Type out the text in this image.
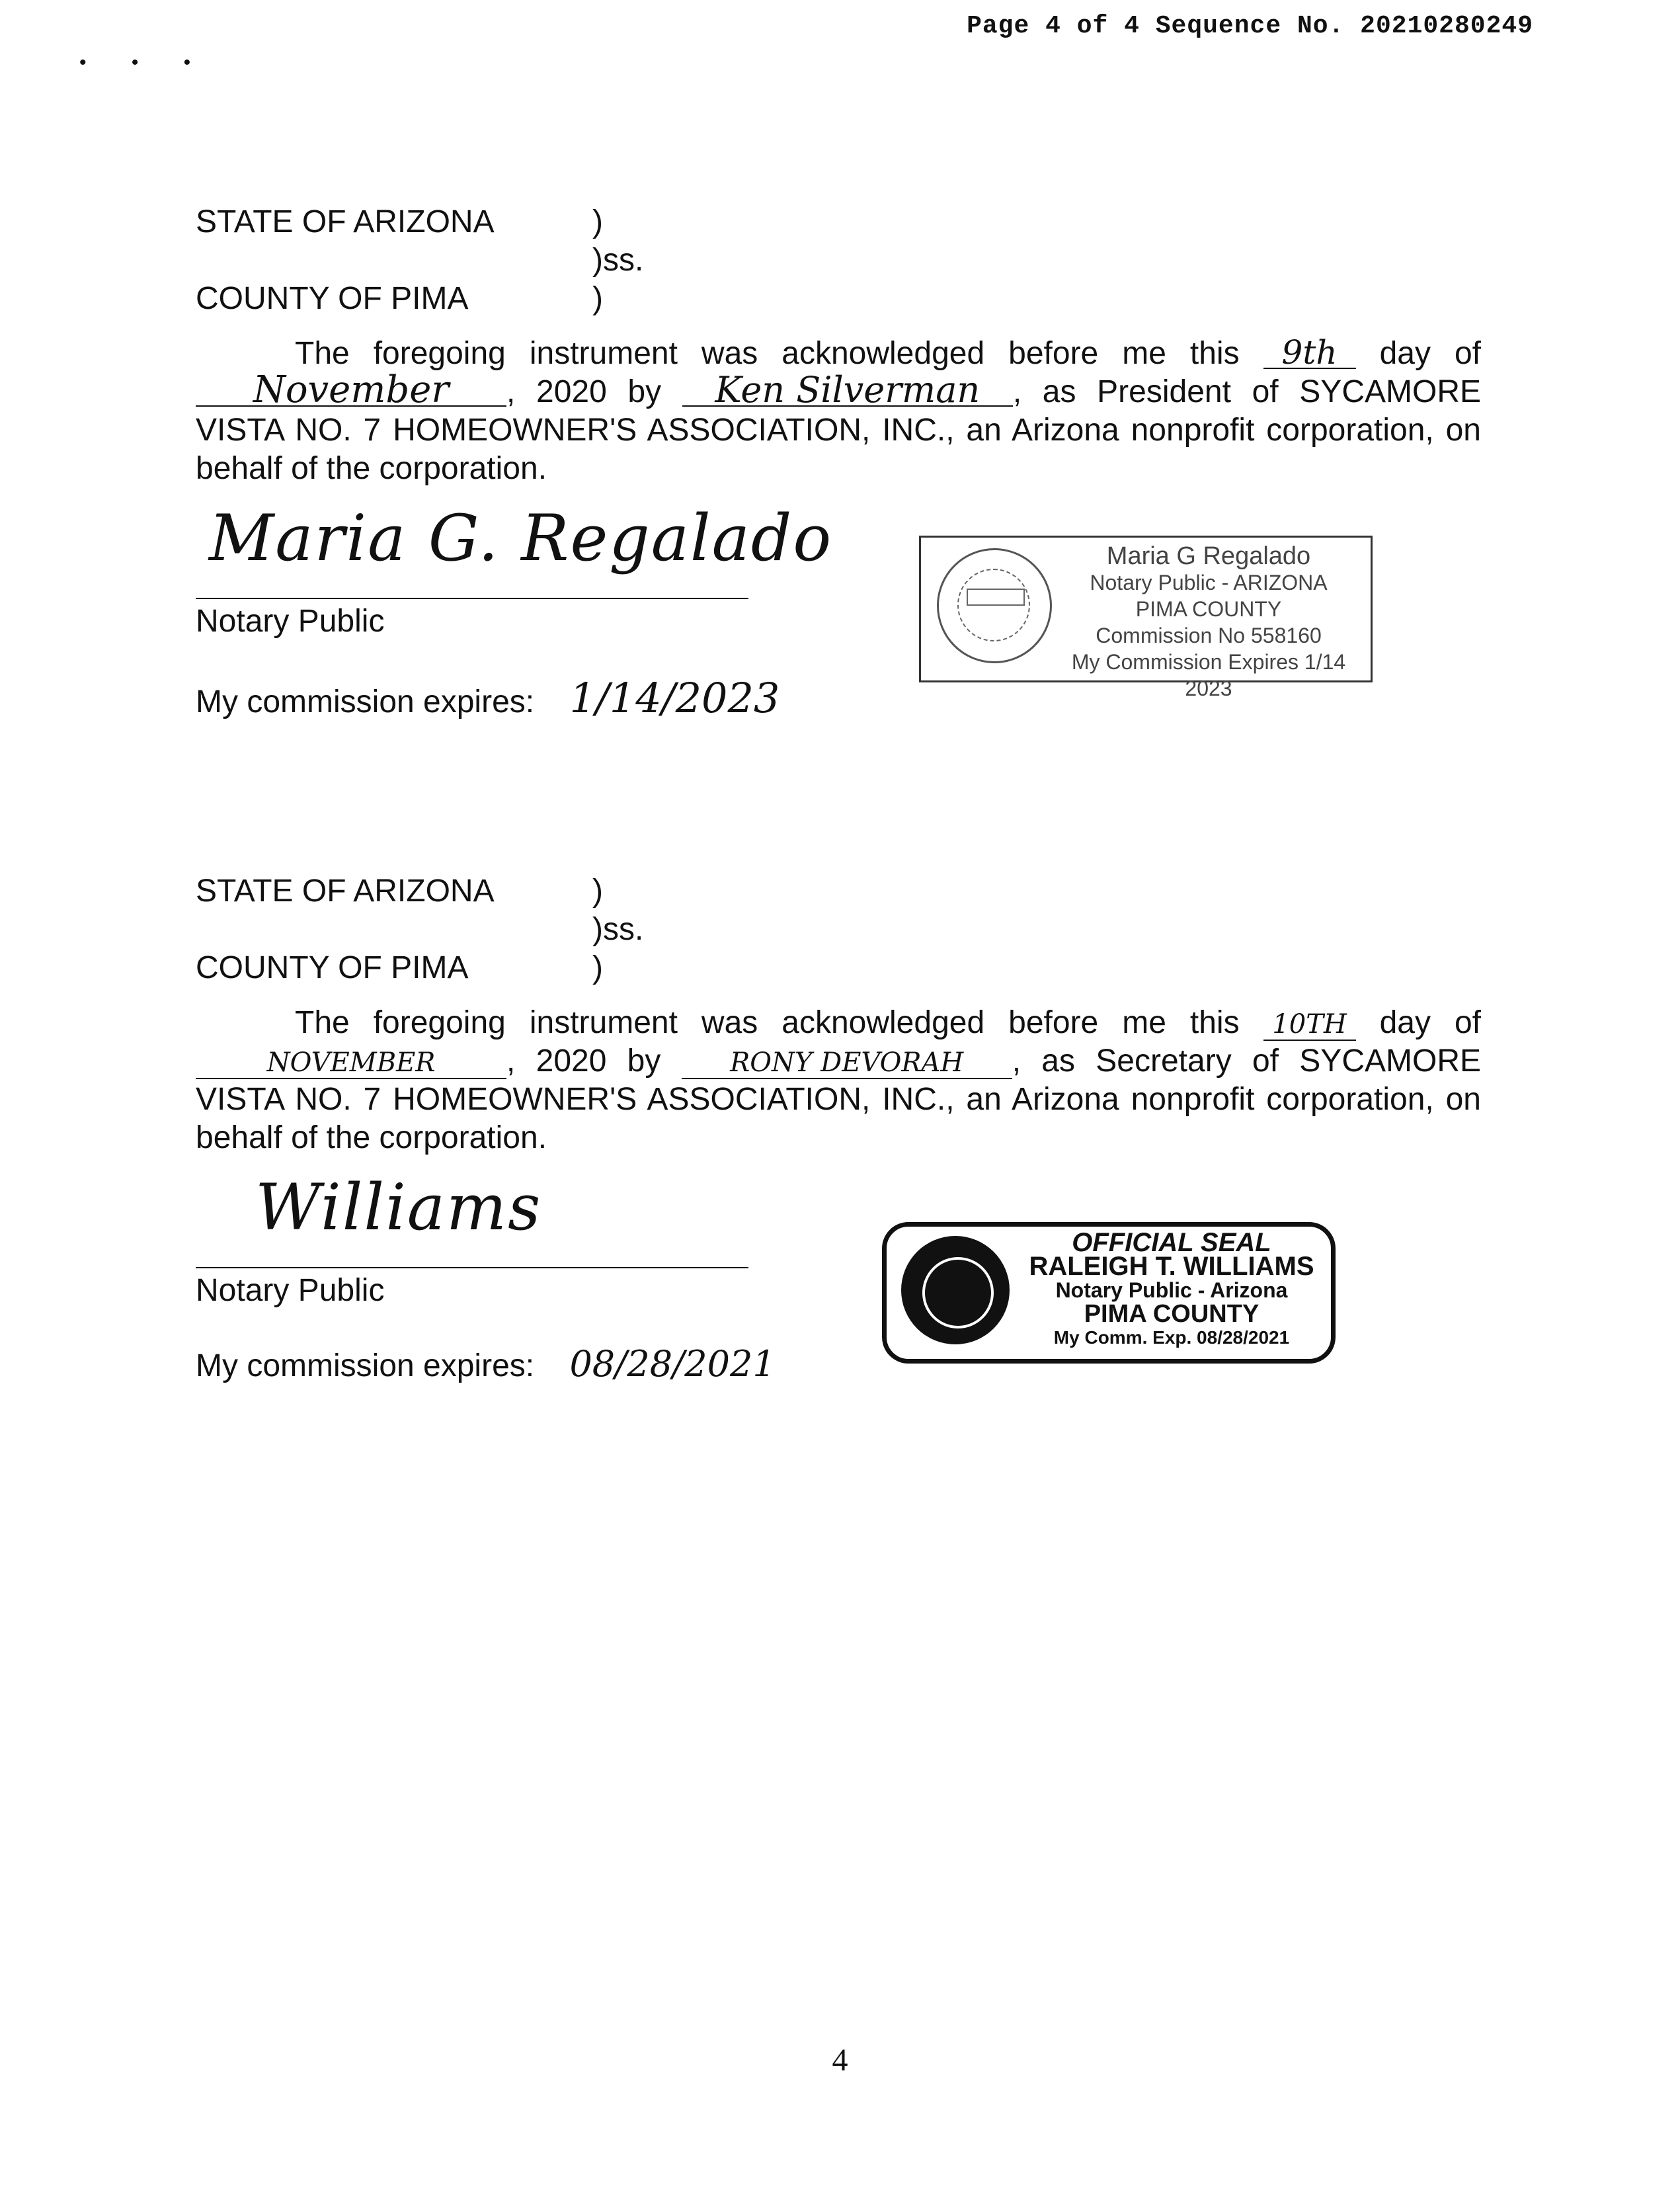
Page 4 of 4 Sequence No. 20210280249
• • •
STATE OF ARIZONA	)
)ss.
COUNTY OF PIMA	)
The foregoing instrument was acknowledged before me this 9th day of November , 2020 by Ken Silverman , as President of SYCAMORE VISTA NO. 7 HOMEOWNER'S ASSOCIATION, INC., an Arizona nonprofit corporation, on behalf of the corporation.
Maria G. Regalado
Notary Public
My commission expires: 1/14/2023
Maria G Regalado
Notary Public - ARIZONA
PIMA COUNTY
Commission No 558160
My Commission Expires 1/14 2023
STATE OF ARIZONA	)
)ss.
COUNTY OF PIMA	)
The foregoing instrument was acknowledged before me this 10TH day of NOVEMBER , 2020 by	RONY DEVORAH , as Secretary of SYCAMORE VISTA NO. 7 HOMEOWNER'S ASSOCIATION, INC., an Arizona nonprofit corporation, on behalf of the corporation.
Williams
Notary Public
My commission expires: 08/28/2021
OFFICIAL SEAL
RALEIGH T. WILLIAMS
Notary Public - Arizona
PIMA COUNTY
My Comm. Exp. 08/28/2021
4
